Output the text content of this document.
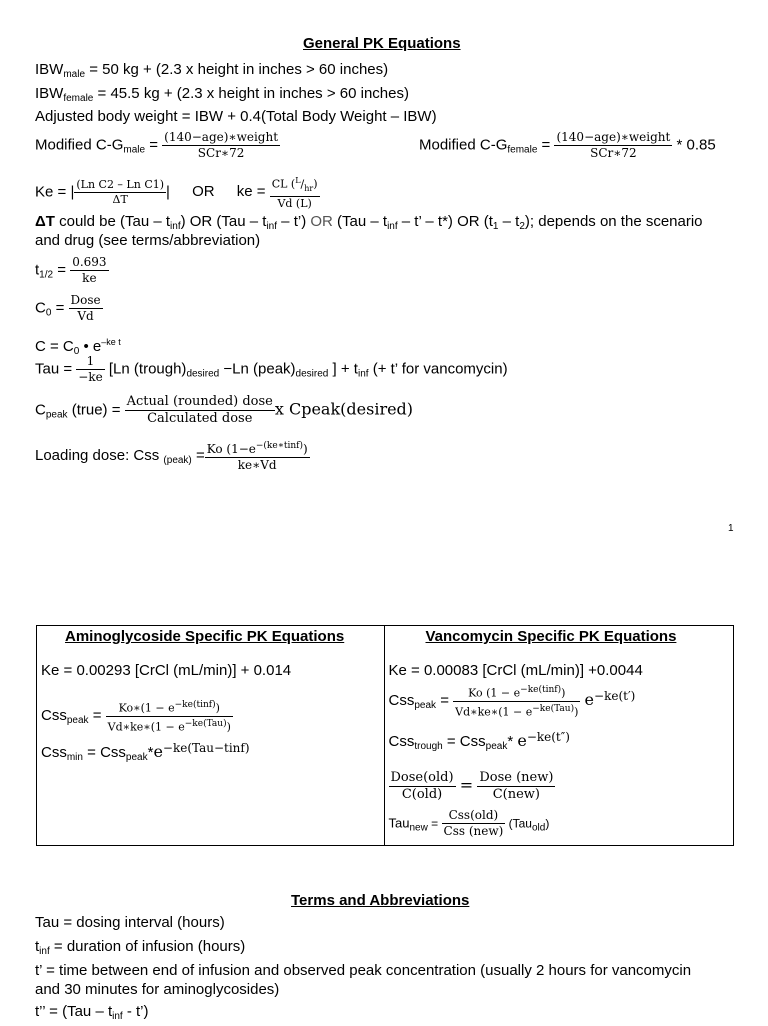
General PK Equations
$IBW_{male} = 50$ kg + (2.3 x height in inches > 60 inches)
$IBW_{female} = 45.5$ kg + (2.3 x height in inches > 60 inches)
Adjusted body weight = IBW + 0.4(Total Body Weight – IBW)
Modified $C-G_{male} = \frac{\text{(140−age)∗weight}}{\text{SCr∗72}}$	Modified $C-G_{female} = \frac{\text{(140−age)∗weight}}{\text{SCr∗72}} * 0.85$
Ke = | $\frac{\text{(Ln C2 – Ln C1)}}{\Delta T}$ | OR ke = $\frac{CL (^L/_{hr})}{Vd (L)}$
ΔT could be $(Tau - t_{inf})$ OR ($Tau - t_{inf}$ – t’) OR ($Tau - t_{inf}$ – t’ – t*) OR $(t_1 - t_2)$; depends on the scenario
and drug (see terms/abbreviation)
$t_{1/2} = \frac{0.693}{ke}$
$C_0 = \frac{\text{Dose}}{Vd}$
$C = C_0$ • $e^{-ke t}$
Tau = $\frac{1}{-ke} [Ln$ $(trough)_{desired} -Ln$ $(peak)_{desired}$ ] + $t_{inf}$ (+ t’ for vancomycin)
$C_{peak}$ (true) = $\frac{\text{Actual (rounded) dose}}{\text{Calculated dose}}$ x Cpeak(desired)
Loading dose: Css $_{(peak)} = \frac{Ko (1-e^{-(ke∗tinf)})}{ke∗Vd}$
1
Aminoglycoside Specific PK Equations
Ke = 0.00293 [CrCl (mL/min)] + 0.014
$Css_{peak} = \frac{Ko∗(1 - e^{-ke(tinf)})}{Vd∗ke∗(1 - e^{-ke(Tau)})}$
$Css_{min} = Css_{peak}*e^{-ke(Tau-tinf)}$

Vancomycin Specific PK Equations
Ke = 0.00083 [CrCl (mL/min)] +0.0044
$Css_{peak} = \frac{Ko (1 - e^{-ke(tinf)})}{Vd∗ke∗(1 - e^{-ke(Tau)})} e^{-ke(t')}$
Css$_{trough}$ = Css$_{peak}$* $e^{-ke(t'')}$
$\frac{\text{Dose(old)}}{\text{C(old)}} = \frac{\text{Dose (new)}}{\text{C(new)}}$
$Tau_{new} = \frac{\text{Css(old)}}{\text{Css (new)}} (Tau_{old})$
Terms and Abbreviations
Tau = dosing interval (hours)
$t_{inf}$ = duration of infusion (hours)
t’ = time between end of infusion and observed peak concentration (usually 2 hours for vancomycin
and 30 minutes for aminoglycosides)
t’’ = ($Tau - t_{inf}$ - t’)
